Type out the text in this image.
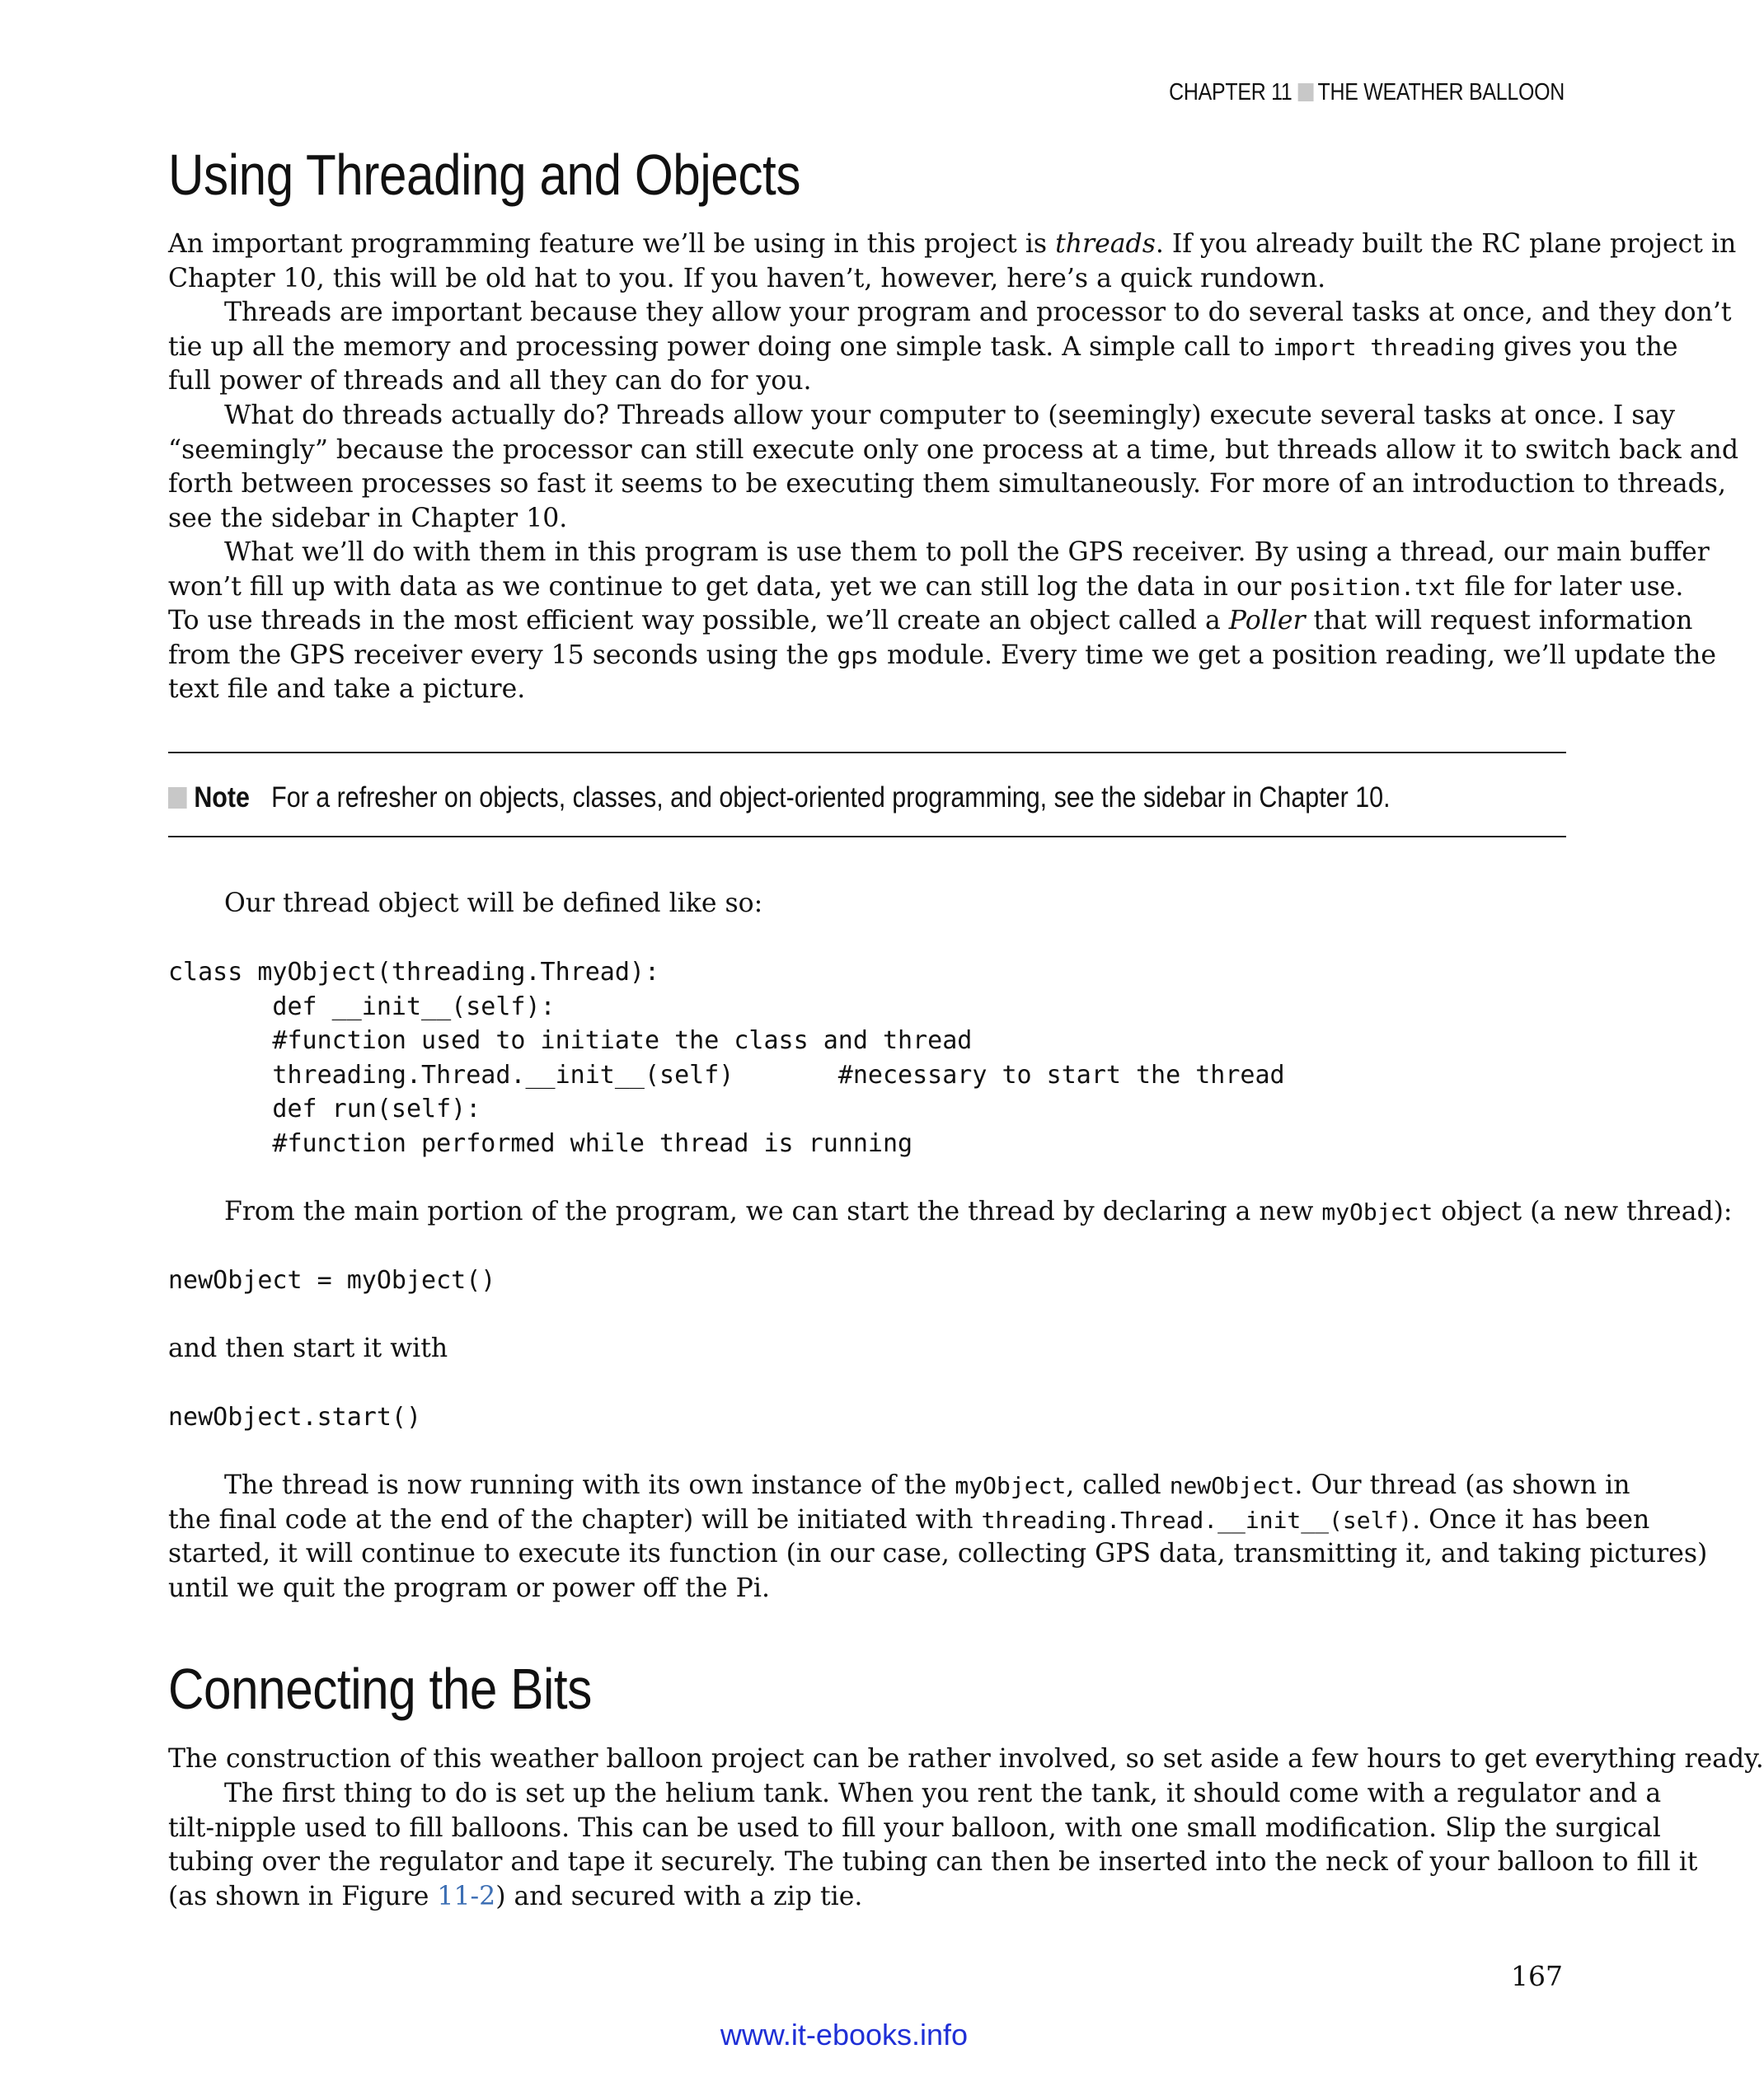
CHAPTER 11 THE WEATHER BALLOON
Using Threading and Objects
An important programming feature we’ll be using in this project is threads. If you already built the RC plane project in
Chapter 10, this will be old hat to you. If you haven’t, however, here’s a quick rundown.
Threads are important because they allow your program and processor to do several tasks at once, and they don’t
tie up all the memory and processing power doing one simple task. A simple call to import threading gives you the
full power of threads and all they can do for you.
What do threads actually do? Threads allow your computer to (seemingly) execute several tasks at once. I say
“seemingly” because the processor can still execute only one process at a time, but threads allow it to switch back and
forth between processes so fast it seems to be executing them simultaneously. For more of an introduction to threads,
see the sidebar in Chapter 10.
What we’ll do with them in this program is use them to poll the GPS receiver. By using a thread, our main buffer
won’t fill up with data as we continue to get data, yet we can still log the data in our position.txt file for later use.
To use threads in the most efficient way possible, we’ll create an object called a Poller that will request information
from the GPS receiver every 15 seconds using the gps module. Every time we get a position reading, we’ll update the
text file and take a picture.
Note For a refresher on objects, classes, and object-oriented programming, see the sidebar in Chapter 10.
Our thread object will be defined like so:
class myObject(threading.Thread):
def __init__(self):
#function used to initiate the class and thread
threading.Thread.__init__(self)       #necessary to start the thread
def run(self):
#function performed while thread is running
From the main portion of the program, we can start the thread by declaring a new myObject object (a new thread):
newObject = myObject()
and then start it with
newObject.start()
The thread is now running with its own instance of the myObject, called newObject. Our thread (as shown in
the final code at the end of the chapter) will be initiated with threading.Thread.__init__(self). Once it has been
started, it will continue to execute its function (in our case, collecting GPS data, transmitting it, and taking pictures)
until we quit the program or power off the Pi.
Connecting the Bits
The construction of this weather balloon project can be rather involved, so set aside a few hours to get everything ready.
The first thing to do is set up the helium tank. When you rent the tank, it should come with a regulator and a
tilt-nipple used to fill balloons. This can be used to fill your balloon, with one small modification. Slip the surgical
tubing over the regulator and tape it securely. The tubing can then be inserted into the neck of your balloon to fill it
(as shown in Figure 11-2) and secured with a zip tie.
167
www.it-ebooks.info
